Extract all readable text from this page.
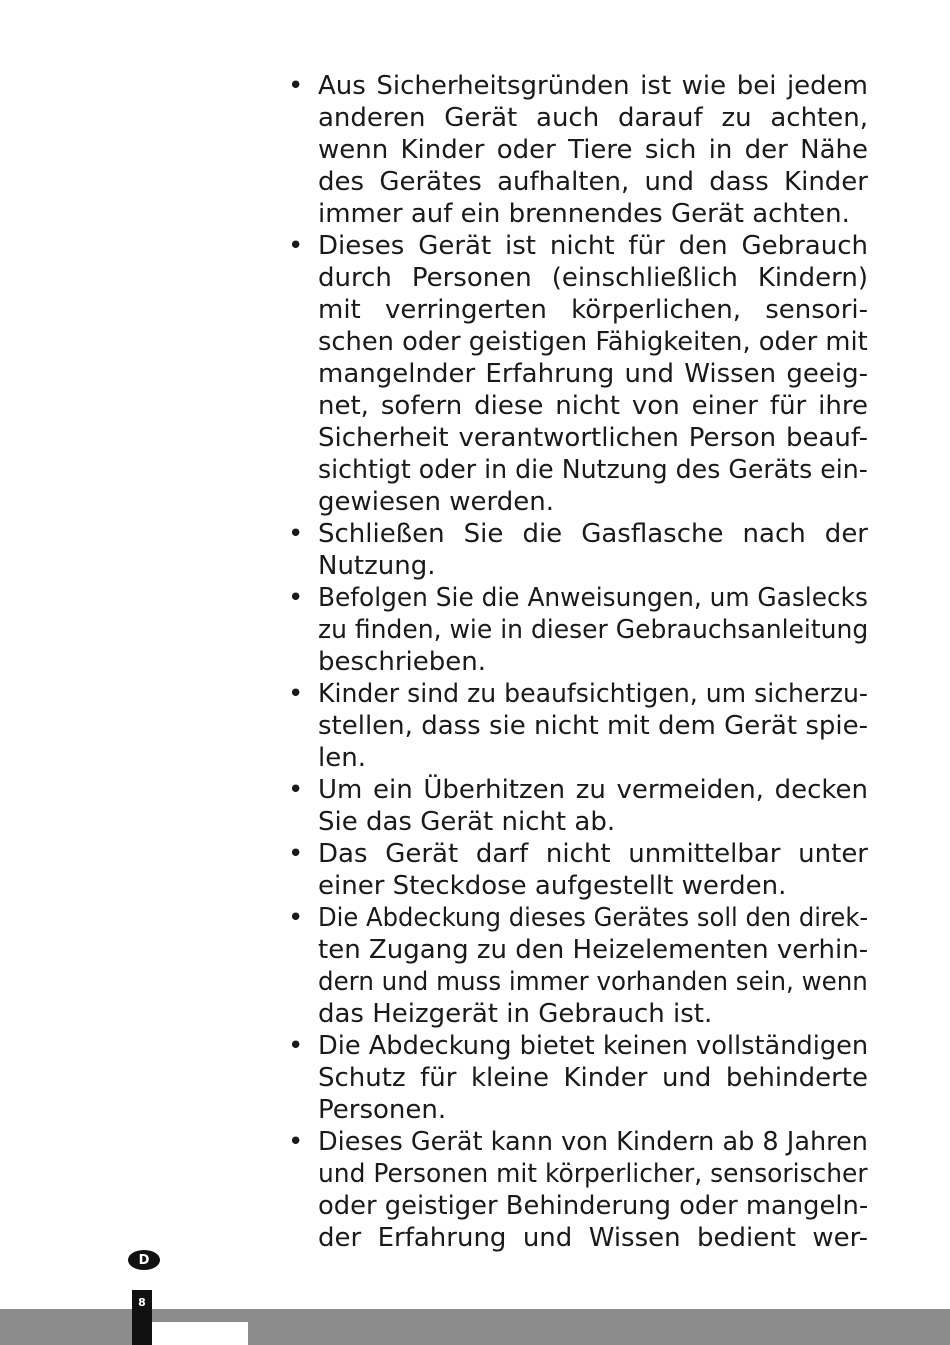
• Aus Sicherheitsgründen ist wie bei jedem
anderen Gerät auch darauf zu achten,
wenn Kinder oder Tiere sich in der Nähe
des Gerätes aufhalten, und dass Kinder
immer auf ein brennendes Gerät achten.
• Dieses Gerät ist nicht für den Gebrauch
durch Personen (einschließlich Kindern)
mit verringerten körperlichen, sensori-
schen oder geistigen Fähigkeiten, oder mit
mangelnder Erfahrung und Wissen geeig-
net, sofern diese nicht von einer für ihre
Sicherheit verantwortlichen Person beauf-
sichtigt oder in die Nutzung des Geräts ein-
gewiesen werden.
• Schließen Sie die Gasflasche nach der
Nutzung.
• Befolgen Sie die Anweisungen, um Gaslecks
zu finden, wie in dieser Gebrauchsanleitung
beschrieben.
• Kinder sind zu beaufsichtigen, um sicherzu-
stellen, dass sie nicht mit dem Gerät spie-
len.
• Um ein Überhitzen zu vermeiden, decken
Sie das Gerät nicht ab.
• Das Gerät darf nicht unmittelbar unter
einer Steckdose aufgestellt werden.
• Die Abdeckung dieses Gerätes soll den direk-
ten Zugang zu den Heizelementen verhin-
dern und muss immer vorhanden sein, wenn
das Heizgerät in Gebrauch ist.
• Die Abdeckung bietet keinen vollständigen
Schutz für kleine Kinder und behinderte
Personen.
• Dieses Gerät kann von Kindern ab 8 Jahren
und Personen mit körperlicher, sensorischer
oder geistiger Behinderung oder mangeln-
der Erfahrung und Wissen bedient wer-
D
8
